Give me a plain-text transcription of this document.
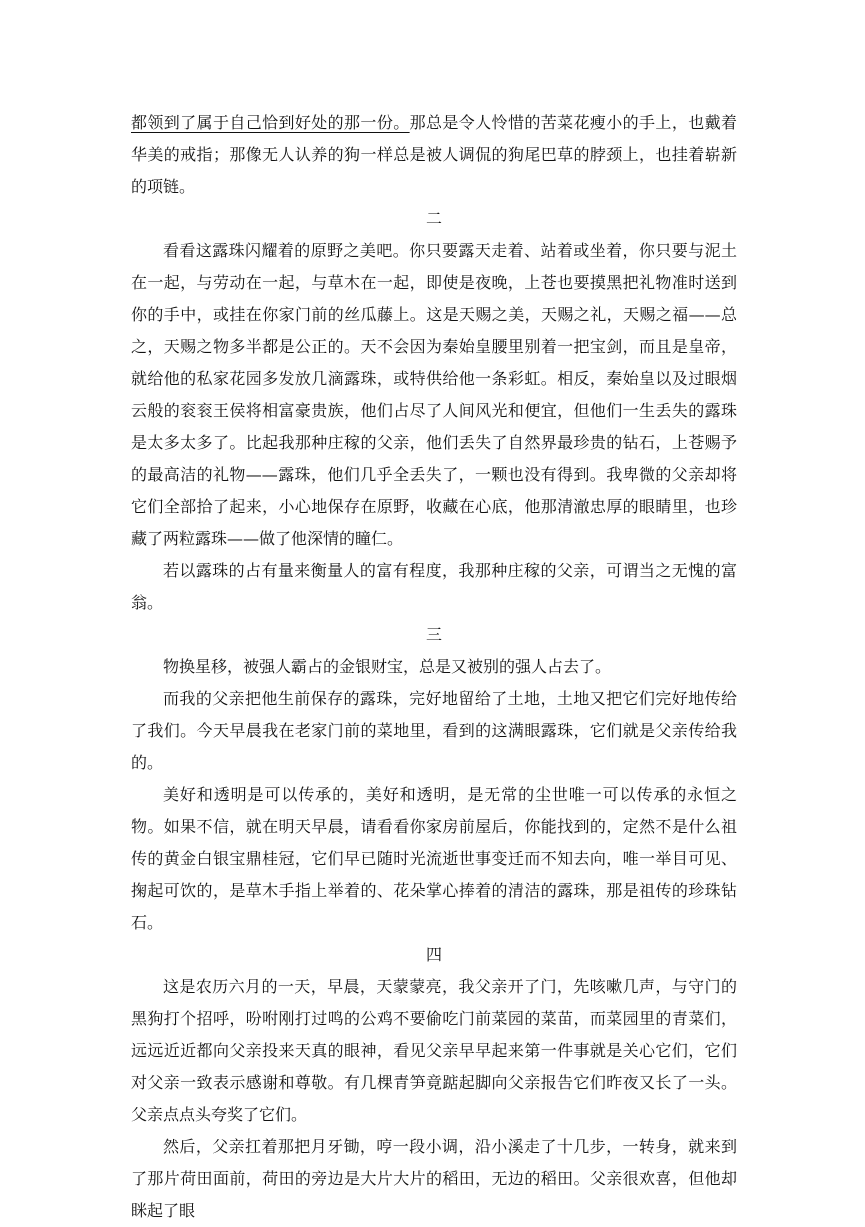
都领到了属于自己恰到好处的那一份。那总是令人怜惜的苦菜花瘦小的手上，也戴着华美的戒指；那像无人认养的狗一样总是被人调侃的狗尾巴草的脖颈上，也挂着崭新的项链。

二

看看这露珠闪耀着的原野之美吧。你只要露天走着、站着或坐着，你只要与泥土在一起，与劳动在一起，与草木在一起，即使是夜晚，上苍也要摸黑把礼物准时送到你的手中，或挂在你家门前的丝瓜藤上。这是天赐之美，天赐之礼，天赐之福——总之，天赐之物多半都是公正的。天不会因为秦始皇腰里别着一把宝剑，而且是皇帝，就给他的私家花园多发放几滴露珠，或特供给他一条彩虹。相反，秦始皇以及过眼烟云般的衮衮王侯将相富豪贵族，他们占尽了人间风光和便宜，但他们一生丢失的露珠是太多太多了。比起我那种庄稼的父亲，他们丢失了自然界最珍贵的钻石，上苍赐予的最高洁的礼物——露珠，他们几乎全丢失了，一颗也没有得到。我卑微的父亲却将它们全部拾了起来，小心地保存在原野，收藏在心底，他那清澈忠厚的眼睛里，也珍藏了两粒露珠——做了他深情的瞳仁。

若以露珠的占有量来衡量人的富有程度，我那种庄稼的父亲，可谓当之无愧的富翁。

三

物换星移，被强人霸占的金银财宝，总是又被别的强人占去了。

而我的父亲把他生前保存的露珠，完好地留给了土地，土地又把它们完好地传给了我们。今天早晨我在老家门前的菜地里，看到的这满眼露珠，它们就是父亲传给我的。

美好和透明是可以传承的，美好和透明，是无常的尘世唯一可以传承的永恒之物。如果不信，就在明天早晨，请看看你家房前屋后，你能找到的，定然不是什么祖传的黄金白银宝鼎桂冠，它们早已随时光流逝世事变迁而不知去向，唯一举目可见、掬起可饮的，是草木手指上举着的、花朵掌心捧着的清洁的露珠，那是祖传的珍珠钻石。

四

这是农历六月的一天，早晨，天蒙蒙亮，我父亲开了门，先咳嗽几声，与守门的黑狗打个招呼，吩咐刚打过鸣的公鸡不要偷吃门前菜园的菜苗，而菜园里的青菜们，远远近近都向父亲投来天真的眼神，看见父亲早早起来第一件事就是关心它们，它们对父亲一致表示感谢和尊敬。有几棵青笋竟踮起脚向父亲报告它们昨夜又长了一头。父亲点点头夸奖了它们。

然后，父亲扛着那把月牙锄，哼一段小调，沿小溪走了十几步，一转身，就来到了那片荷田面前，荷田的旁边是大片大片的稻田，无边的稻田。父亲很欢喜，但他却眯起了眼
